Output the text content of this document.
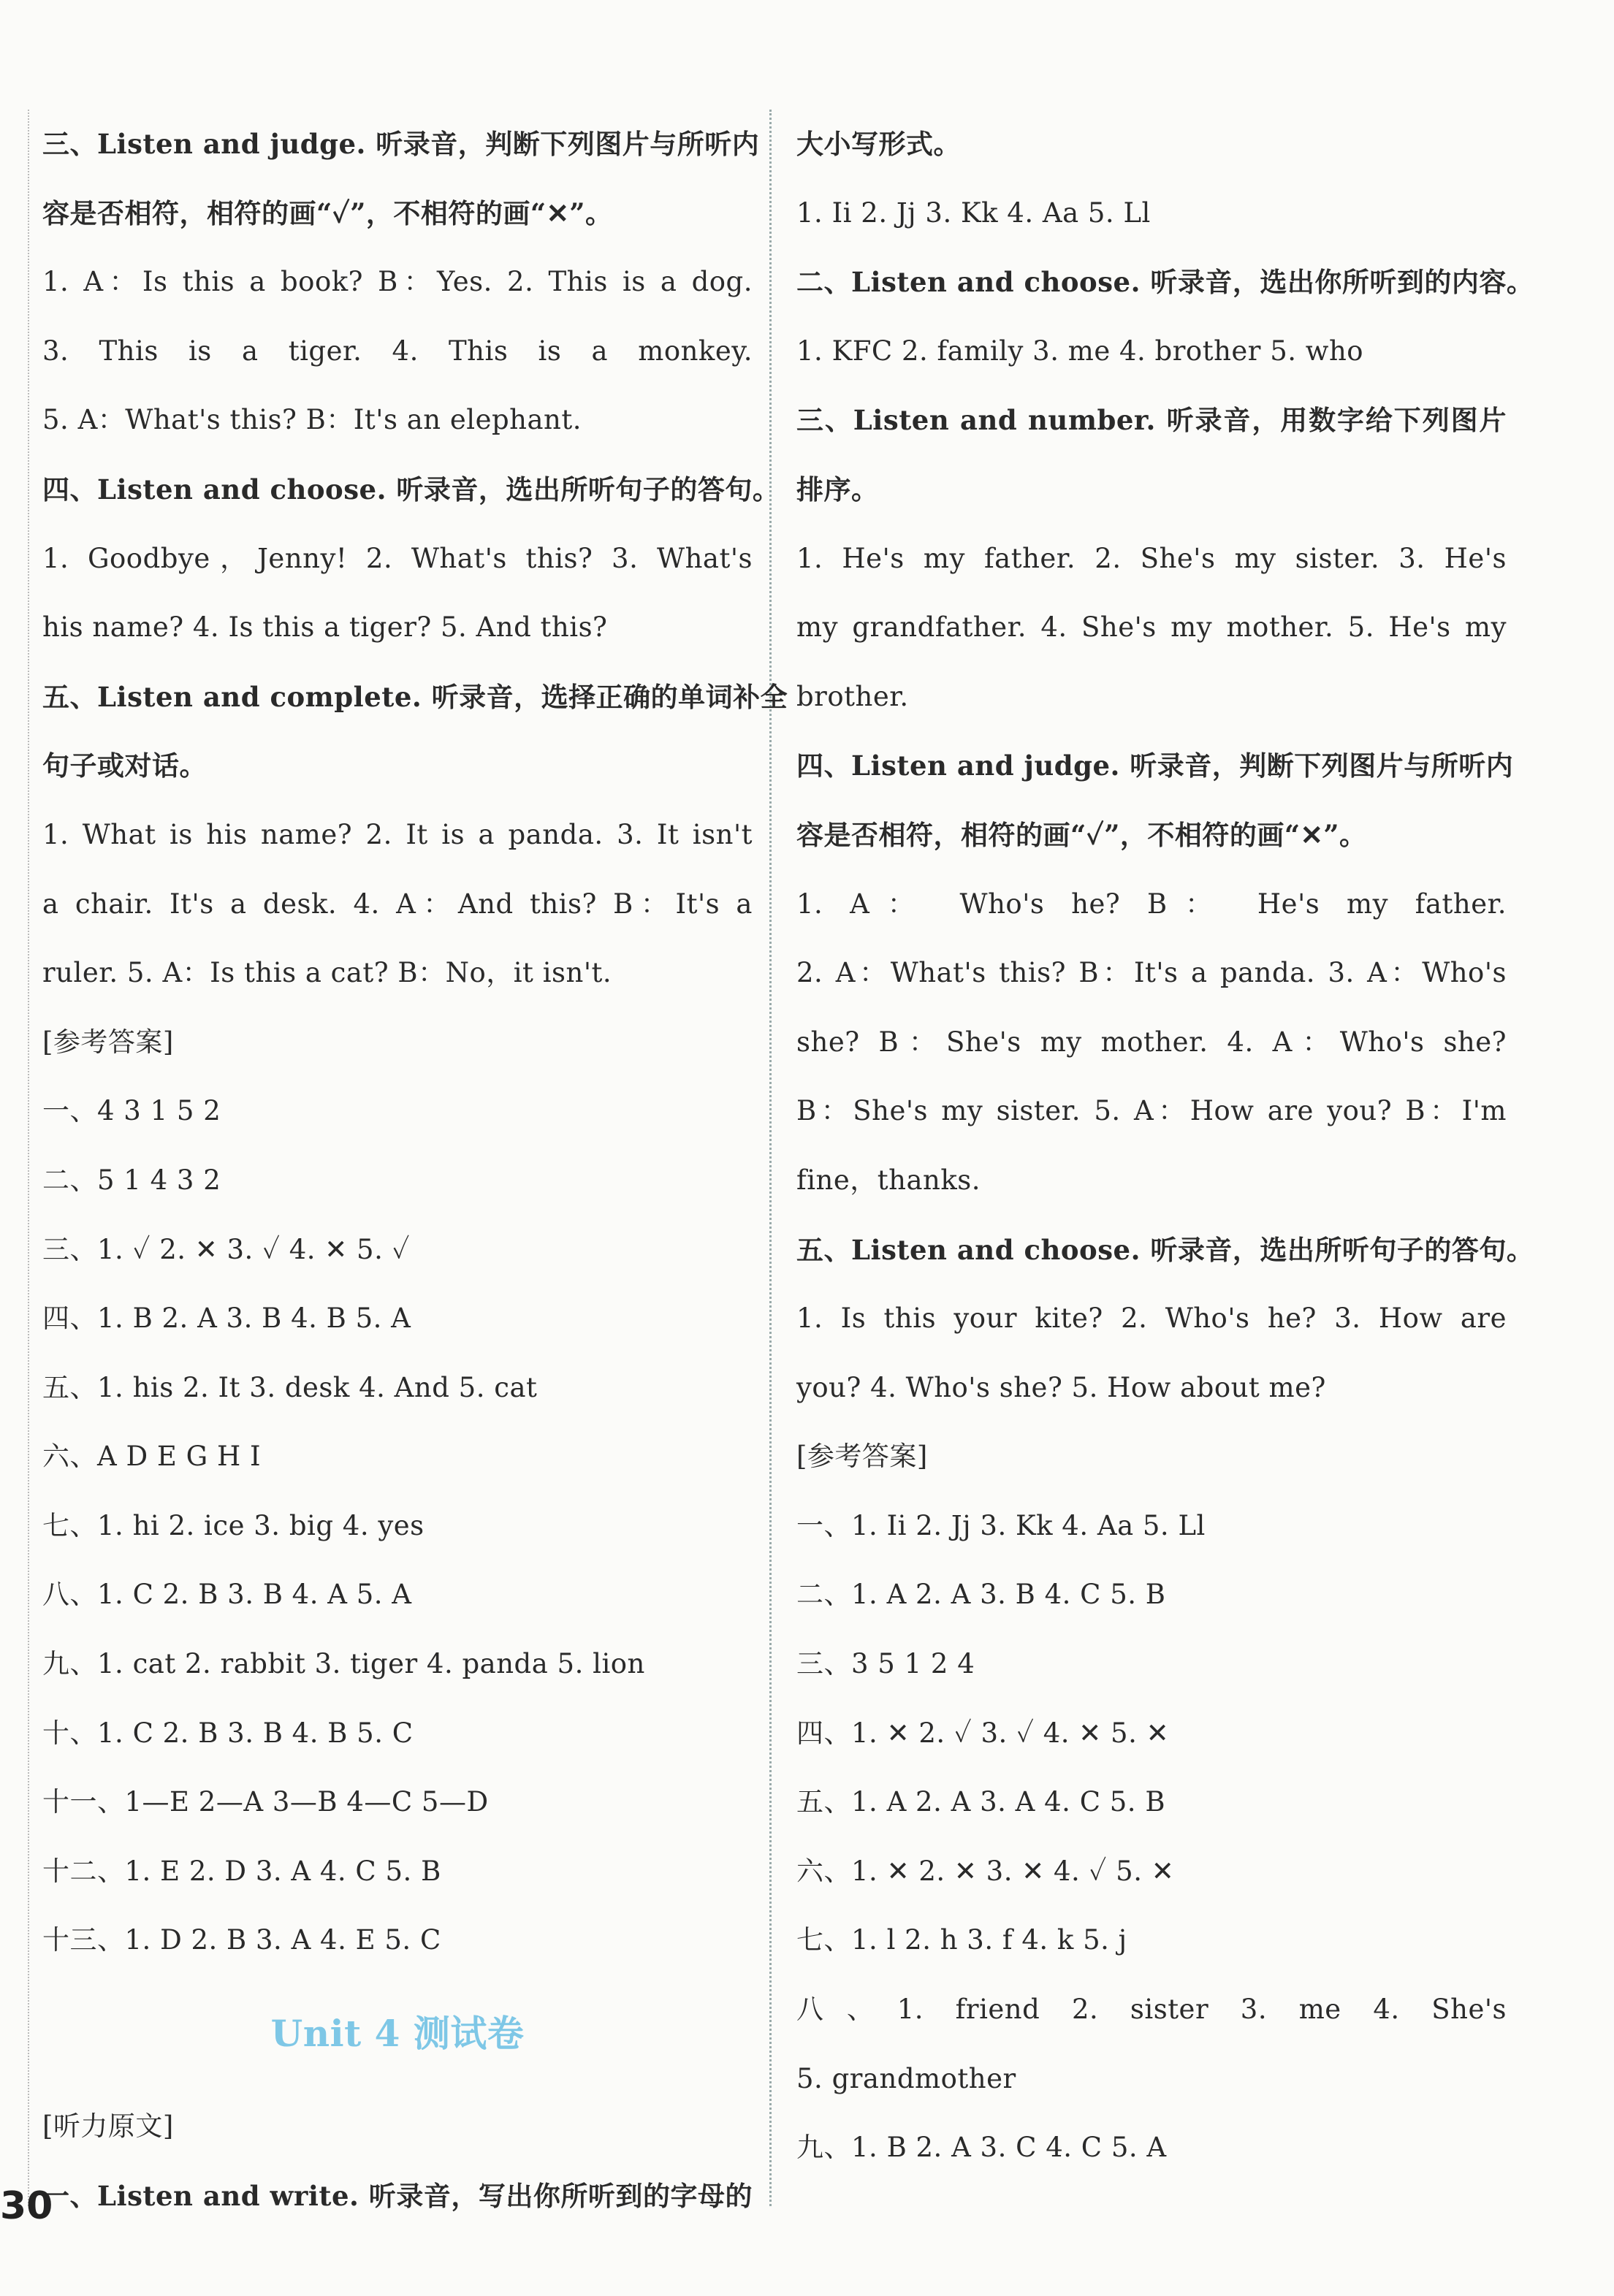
三、Listen and judge. 听录音，判断下列图片与所听内
容是否相符，相符的画“✓”，不相符的画“✕”。
1. A：Is this a book? B：Yes. 2. This is a dog.
3. This is a tiger. 4. This is a monkey.
5. A：What's this? B：It's an elephant.
四、Listen and choose. 听录音，选出所听句子的答句。
1. Goodbye，Jenny! 2. What's this? 3. What's
his name? 4. Is this a tiger? 5. And this?
五、Listen and complete. 听录音，选择正确的单词补全
句子或对话。
1. What is his name? 2. It is a panda. 3. It isn't
a chair. It's a desk. 4. A：And this? B：It's a
ruler. 5. A：Is this a cat? B：No，it isn't.
[参考答案]
一、4 3 1 5 2
二、5 1 4 3 2
三、1. ✓ 2. ✕ 3. ✓ 4. ✕ 5. ✓
四、1. B 2. A 3. B 4. B 5. A
五、1. his 2. It 3. desk 4. And 5. cat
六、A D E G H I
七、1. hi 2. ice 3. big 4. yes
八、1. C 2. B 3. B 4. A 5. A
九、1. cat 2. rabbit 3. tiger 4. panda 5. lion
十、1. C 2. B 3. B 4. B 5. C
十一、1—E 2—A 3—B 4—C 5—D
十二、1. E 2. D 3. A 4. C 5. B
十三、1. D 2. B 3. A 4. E 5. C
Unit 4 测试卷
[听力原文]
一、Listen and write. 听录音，写出你所听到的字母的
大小写形式。
1. Ii 2. Jj 3. Kk 4. Aa 5. Ll
二、Listen and choose. 听录音，选出你所听到的内容。
1. KFC 2. family 3. me 4. brother 5. who
三、Listen and number. 听录音，用数字给下列图片
排序。
1. He's my father. 2. She's my sister. 3. He's
my grandfather. 4. She's my mother. 5. He's my
brother.
四、Listen and judge. 听录音，判断下列图片与所听内
容是否相符，相符的画“✓”，不相符的画“✕”。
1. A： Who's he? B： He's my father.
2. A：What's this? B：It's a panda. 3. A：Who's
she? B：She's my mother. 4. A：Who's she?
B：She's my sister. 5. A：How are you? B：I'm
fine，thanks.
五、Listen and choose. 听录音，选出所听句子的答句。
1. Is this your kite? 2. Who's he? 3. How are
you? 4. Who's she? 5. How about me?
[参考答案]
一、1. Ii 2. Jj 3. Kk 4. Aa 5. Ll
二、1. A 2. A 3. B 4. C 5. B
三、3 5 1 2 4
四、1. ✕ 2. ✓ 3. ✓ 4. ✕ 5. ✕
五、1. A 2. A 3. A 4. C 5. B
六、1. ✕ 2. ✕ 3. ✕ 4. ✓ 5. ✕
七、1. l 2. h 3. f 4. k 5. j
八、1. friend 2. sister 3. me 4. She's
5. grandmother
九、1. B 2. A 3. C 4. C 5. A
30
